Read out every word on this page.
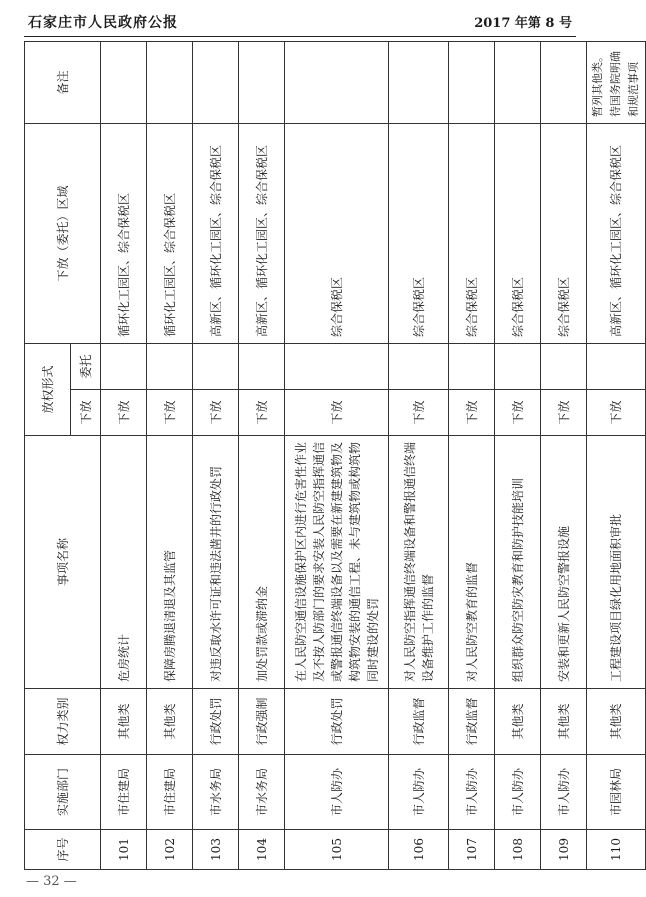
石家庄市人民政府公报	2017 年第 8 号
序号	实施部门	权力类别	事项名称	放权形式		下放（委托）区域	备注
				下放	委托		
101	市住建局	其他类	危房统计	下放		循环化工园区、综合保税区	
102	市住建局	其他类	保障房腾退清退及其监管	下放		循环化工园区、综合保税区	
103	市水务局	行政处罚	对违反取水许可证和违法凿井的行政处罚	下放		高新区、循环化工园区、综合保税区	
104	市水务局	行政强制	加处罚款或滞纳金	下放		高新区、循环化工园区、综合保税区	
105	市人防办	行政处罚	在人民防空通信设施保护区内进行危害性作业及不按人防部门的要求安装人民防空指挥通信或警报通信终端设备以及需要在新建建筑物及构筑物安装的通信工程、未与建筑物或构筑物同时建设的处罚	下放		综合保税区	
106	市人防办	行政监督	对人民防空指挥通信终端设备和警报通信终端设备维护工作的监督	下放		综合保税区	
107	市人防办	行政监督	对人民防空教育的监督	下放		综合保税区	
108	市人防办	其他类	组织群众防空防灾教育和防护技能培训	下放		综合保税区	
109	市人防办	其他类	安装和更新人民防空警报设施	下放		综合保税区	
110	市园林局	其他类	工程建设项目绿化用地面积审批	下放		高新区、循环化工园区、综合保税区	暂列其他类。待国务院明确和规范事项
— 32 —
